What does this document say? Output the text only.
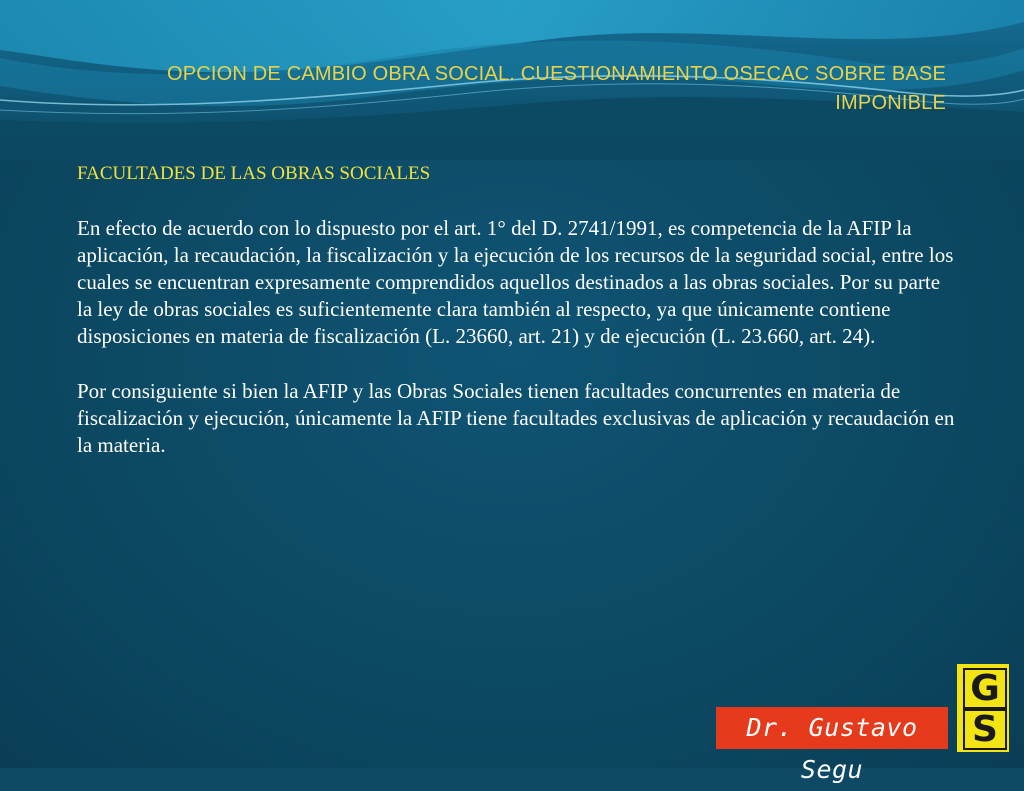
OPCION DE CAMBIO OBRA SOCIAL. CUESTIONAMIENTO OSECAC SOBRE BASE IMPONIBLE
FACULTADES DE LAS OBRAS SOCIALES

En efecto de acuerdo con lo dispuesto por el art. 1° del D. 2741/1991, es competencia de la AFIP la aplicación, la recaudación, la fiscalización y la ejecución de los recursos de la seguridad social, entre los cuales se encuentran expresamente comprendidos aquellos destinados a las obras sociales. Por su parte la ley de obras sociales es suficientemente clara también al respecto, ya que únicamente contiene disposiciones en materia de fiscalización (L. 23660, art. 21) y de ejecución (L. 23.660, art. 24).

Por consiguiente si bien la AFIP y las Obras Sociales tienen facultades concurrentes en materia de fiscalización y ejecución, únicamente la AFIP tiene facultades exclusivas de aplicación y recaudación en la materia.

Dr. Gustavo Segu
G
S
